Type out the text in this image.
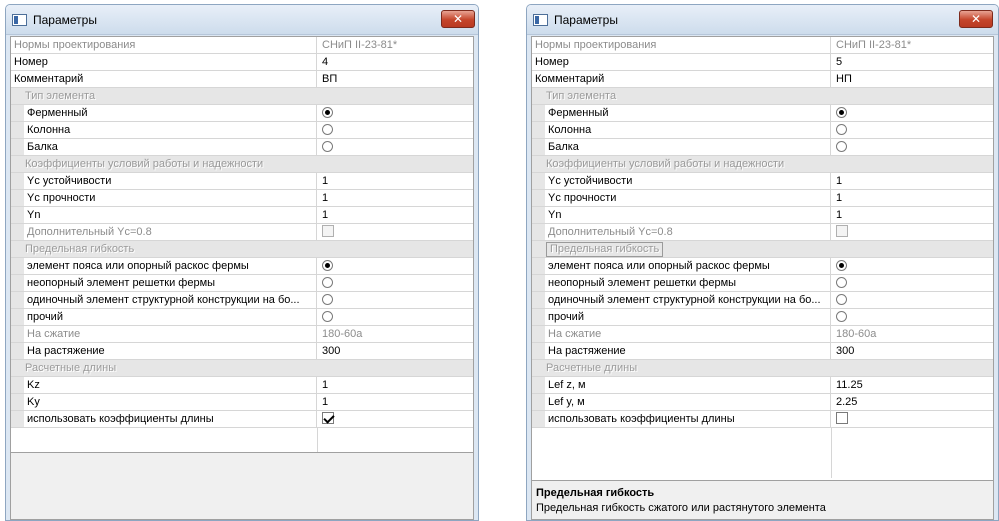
Параметры	✕
Нормы проектирования	СНиП II-23-81*
Номер	4
Комментарий	ВП
Тип элемента
Ферменный
Колонна
Балка
Коэффициенты условий работы и надежности
Yc устойчивости	1
Yc прочности	1
Yn	1
Дополнительный Yc=0.8
Предельная гибкость
элемент пояса или опорный раскос фермы
неопорный элемент решетки фермы
одиночный элемент структурной конструкции на бо...
прочий
На сжатие	180-60a
На растяжение	300
Расчетные длины
Kz	1
Ky	1
использовать коэффициенты длины
Параметры	✕
Нормы проектирования	СНиП II-23-81*
Номер	5
Комментарий	НП
Тип элемента
Ферменный
Колонна
Балка
Коэффициенты условий работы и надежности
Yc устойчивости	1
Yc прочности	1
Yn	1
Дополнительный Yc=0.8
Предельная гибкость
элемент пояса или опорный раскос фермы
неопорный элемент решетки фермы
одиночный элемент структурной конструкции на бо...
прочий
На сжатие	180-60a
На растяжение	300
Расчетные длины
Lef z, м	11.25
Lef y, м	2.25
использовать коэффициенты длины
Предельная гибкость
Предельная гибкость сжатого или растянутого элемента
